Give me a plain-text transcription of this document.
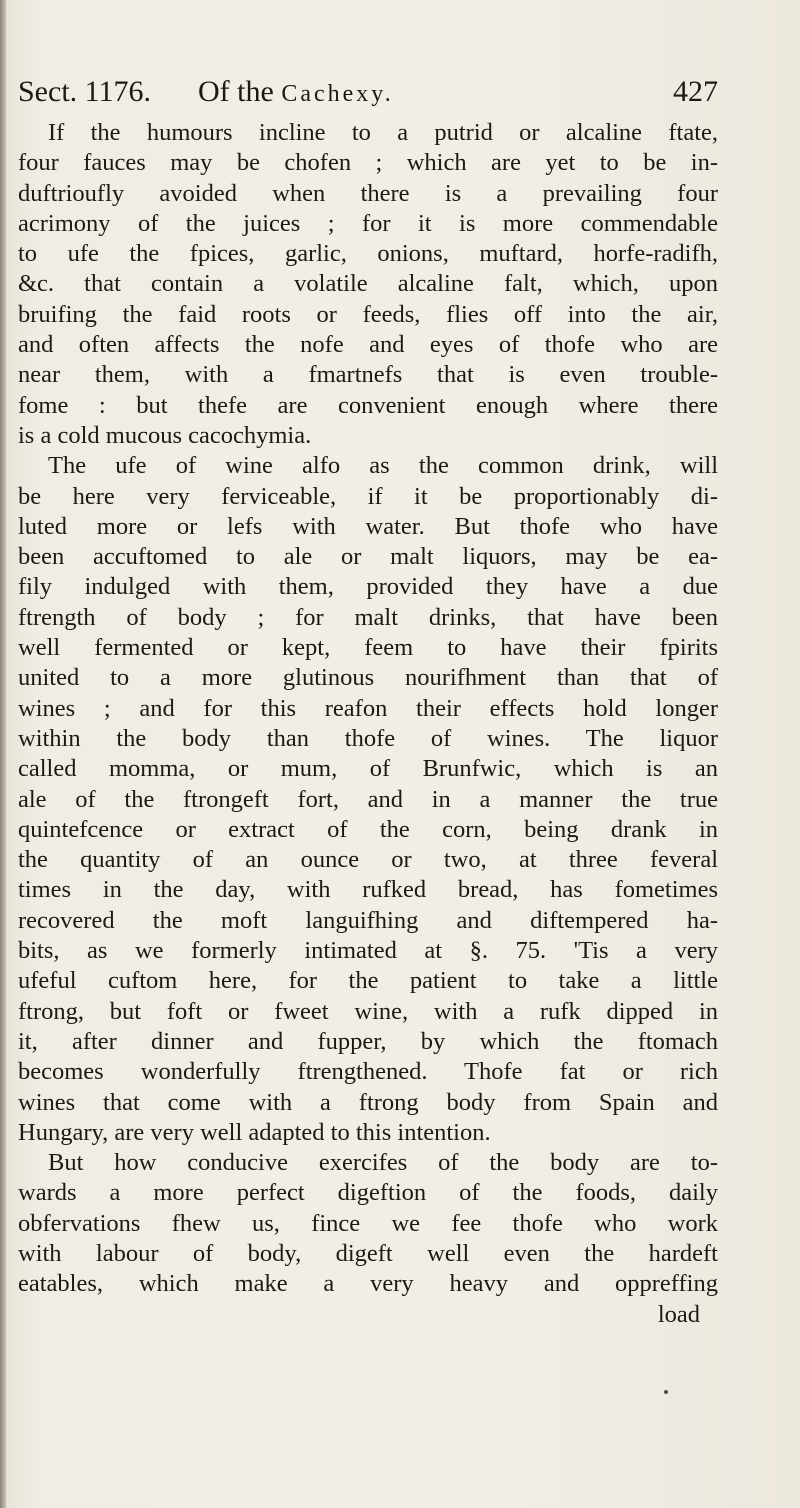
Sect. 1176. Of the Cachexy.	427
If the humours incline to a putrid or alcaline ftate,
four fauces may be chofen ; which are yet to be in-
duftrioufly avoided when there is a prevailing four
acrimony of the juices ; for it is more commendable
to ufe the fpices, garlic, onions, muftard, horfe-radifh,
&c. that contain a volatile alcaline falt, which, upon
bruifing the faid roots or feeds, flies off into the air,
and often affects the nofe and eyes of thofe who are
near them, with a fmartnefs that is even trouble-
fome : but thefe are convenient enough where there
is a cold mucous cacochymia.
The ufe of wine alfo as the common drink, will
be here very ferviceable, if it be proportionably di-
luted more or lefs with water. But thofe who have
been accuftomed to ale or malt liquors, may be ea-
fily indulged with them, provided they have a due
ftrength of body ; for malt drinks, that have been
well fermented or kept, feem to have their fpirits
united to a more glutinous nourifhment than that of
wines ; and for this reafon their effects hold longer
within the body than thofe of wines. The liquor
called momma, or mum, of Brunfwic, which is an
ale of the ftrongeft fort, and in a manner the true
quintefcence or extract of the corn, being drank in
the quantity of an ounce or two, at three feveral
times in the day, with rufked bread, has fometimes
recovered the moft languifhing and diftempered ha-
bits, as we formerly intimated at §. 75. 'Tis a very
ufeful cuftom here, for the patient to take a little
ftrong, but foft or fweet wine, with a rufk dipped in
it, after dinner and fupper, by which the ftomach
becomes wonderfully ftrengthened. Thofe fat or rich
wines that come with a ftrong body from Spain and
Hungary, are very well adapted to this intention.
But how conducive exercifes of the body are to-
wards a more perfect digeftion of the foods, daily
obfervations fhew us, fince we fee thofe who work
with labour of body, digeft well even the hardeft
eatables, which make a very heavy and oppreffing
load
